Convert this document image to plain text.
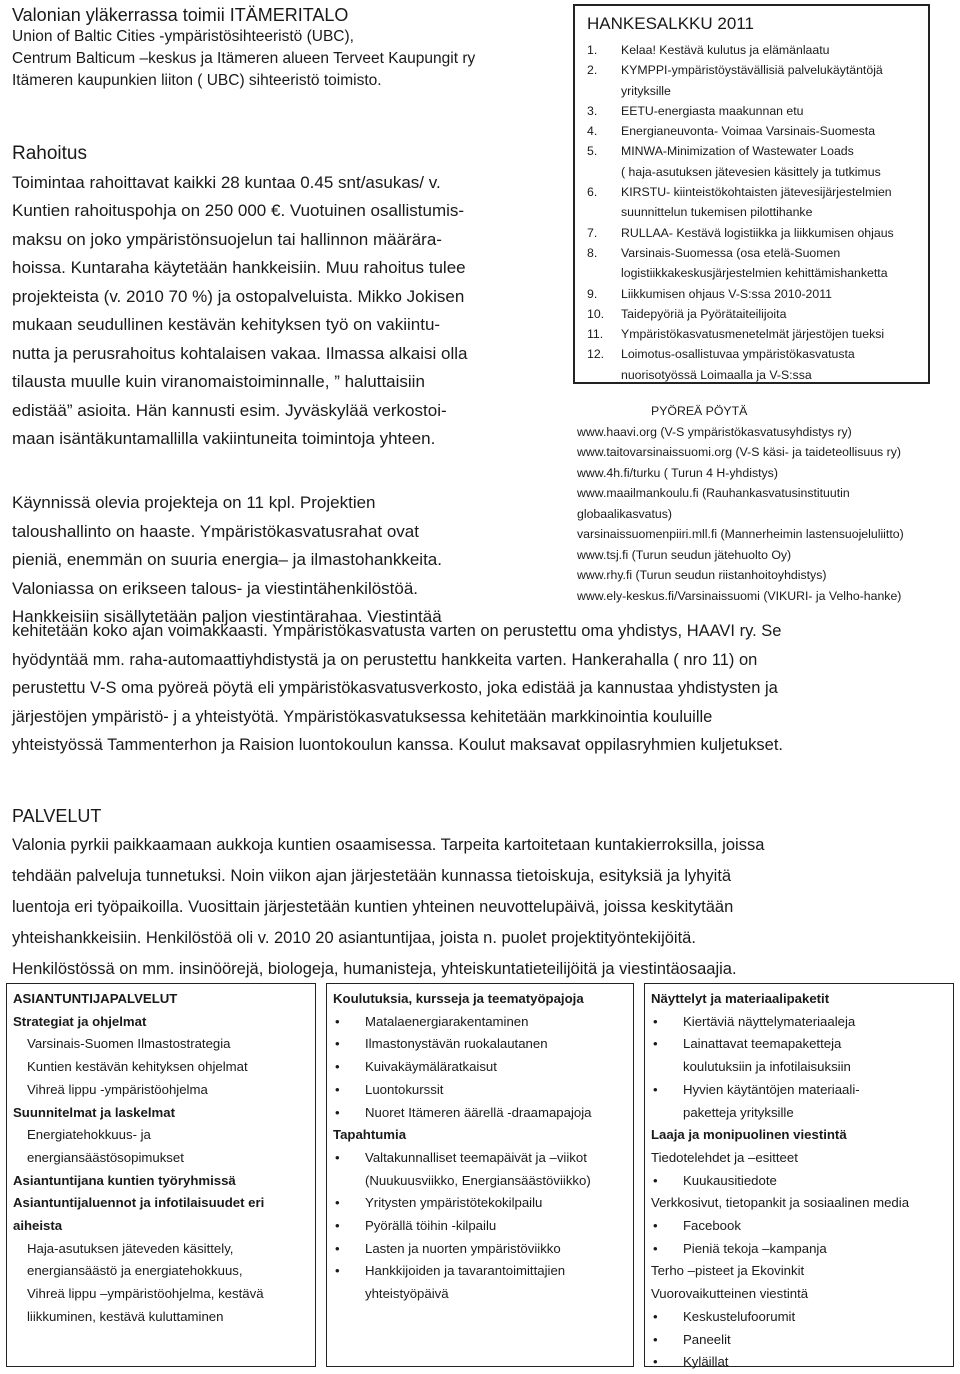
Valonian yläkerrassa toimii ITÄMERITALO
Union of Baltic Cities -ympäristösihteeristö (UBC),
Centrum Balticum –keskus ja Itämeren alueen Terveet Kaupungit ry
Itämeren kaupunkien liiton ( UBC) sihteeristö toimisto.
Rahoitus
Toimintaa rahoittavat kaikki 28 kuntaa 0.45 snt/asukas/ v.
Kuntien rahoituspohja on 250 000 €. Vuotuinen osallistumis-
maksu on joko ympäristönsuojelun tai hallinnon määrära-
hoissa. Kuntaraha käytetään hankkeisiin. Muu rahoitus tulee
projekteista (v. 2010 70 %) ja ostopalveluista. Mikko Jokisen
mukaan seudullinen kestävän kehityksen työ on vakiintu-
nutta ja perusrahoitus kohtalaisen vakaa. Ilmassa alkaisi olla
tilausta muulle kuin viranomaistoiminnalle, ” haluttaisiin
edistää” asioita. Hän kannusti esim. Jyväskylää verkostoi-
maan isäntäkuntamallilla vakiintuneita toimintoja yhteen.
Käynnissä olevia projekteja on 11 kpl. Projektien
taloushallinto on haaste. Ympäristökasvatusrahat ovat
pieniä, enemmän on suuria energia– ja ilmastohankkeita.
Valoniassa on erikseen talous- ja viestintähenkilöstöä.
Hankkeisiin sisällytetään paljon viestintärahaa. Viestintää
kehitetään koko ajan voimakkaasti. Ympäristökasvatusta varten on perustettu oma yhdistys, HAAVI ry. Se
hyödyntää mm. raha-automaattiyhdistystä ja on perustettu hankkeita varten. Hankerahalla ( nro 11) on
perustettu V-S oma pyöreä pöytä eli ympäristökasvatusverkosto, joka edistää ja kannustaa yhdistysten ja
järjestöjen ympäristö- j a yhteistyötä. Ympäristökasvatuksessa kehitetään markkinointia kouluille
yhteistyössä Tammenterhon ja Raision luontokoulun kanssa. Koulut maksavat oppilasryhmien kuljetukset.
HANKESALKKU 2011
1. Kelaa! Kestävä kulutus ja elämänlaatu
2. KYMPPI-ympäristöystävällisiä palvelukäytäntöjä
yrityksille
3. EETU-energiasta maakunnan etu
4. Energianeuvonta- Voimaa Varsinais-Suomesta
5. MINWA-Minimization of Wastewater Loads
( haja-asutuksen jätevesien käsittely ja tutkimus
6. KIRSTU- kiinteistökohtaisten jätevesijärjestelmien
suunnittelun tukemisen pilottihanke
7. RULLAA- Kestävä logistiikka ja liikkumisen ohjaus
8. Varsinais-Suomessa (osa etelä-Suomen
logistiikkakeskusjärjestelmien kehittämishanketta
9. Liikkumisen ohjaus V-S:ssa 2010-2011
10. Taidepyöriä ja Pyörätaiteilijoita
11. Ympäristökasvatusmenetelmät järjestöjen tueksi
12. Loimotus-osallistuvaa ympäristökasvatusta
nuorisotyössä Loimaalla ja V-S:ssa
PYÖREÄ PÖYTÄ
www.haavi.org (V-S ympäristökasvatusyhdistys ry)
www.taitovarsinaissuomi.org (V-S käsi- ja taideteollisuus ry)
www.4h.fi/turku ( Turun 4 H-yhdistys)
www.maailmankoulu.fi (Rauhankasvatusinstituutin
globaalikasvatus)
varsinaissuomenpiiri.mll.fi (Mannerheimin lastensuojeluliitto)
www.tsj.fi (Turun seudun jätehuolto Oy)
www.rhy.fi (Turun seudun riistanhoitoyhdistys)
www.ely-keskus.fi/Varsinaissuomi (VIKURI- ja Velho-hanke)
PALVELUT
Valonia pyrkii paikkaamaan aukkoja kuntien osaamisessa. Tarpeita kartoitetaan kuntakierroksilla, joissa
tehdään palveluja tunnetuksi. Noin viikon ajan järjestetään kunnassa tietoiskuja, esityksiä ja lyhyitä
luentoja eri työpaikoilla. Vuosittain järjestetään kuntien yhteinen neuvottelupäivä, joissa keskitytään
yhteishankkeisiin. Henkilöstöä oli v. 2010 20 asiantuntijaa, joista n. puolet projektityöntekijöitä.
Henkilöstössä on mm. insinöörejä, biologeja, humanisteja, yhteiskuntatieteilijöitä ja viestintäosaajia.
ASIANTUNTIJAPALVELUT
Strategiat ja ohjelmat
Varsinais-Suomen Ilmastostrategia
Kuntien kestävän kehityksen ohjelmat
Vihreä lippu -ympäristöohjelma
Suunnitelmat ja laskelmat
Energiatehokkuus- ja
energiansäästösopimukset
Asiantuntijana kuntien työryhmissä
Asiantuntijaluennot ja infotilaisuudet eri
aiheista
Haja-asutuksen jäteveden käsittely,
energiansäästö ja energiatehokkuus,
Vihreä lippu –ympäristöohjelma, kestävä
liikkuminen, kestävä kuluttaminen
Koulutuksia, kursseja ja teematyöpajoja
• Matalaenergiarakentaminen
• Ilmastonystävän ruokalautanen
• Kuivakäymäläratkaisut
• Luontokurssit
• Nuoret Itämeren äärellä -draamapajoja
Tapahtumia
• Valtakunnalliset teemapäivät ja –viikot
(Nuukuusviikko, Energiansäästöviikko)
• Yritysten ympäristötekokilpailu
• Pyörällä töihin -kilpailu
• Lasten ja nuorten ympäristöviikko
• Hankkijoiden ja tavarantoimittajien
yhteistyöpäivä
Näyttelyt ja materiaalipaketit
• Kiertäviä näyttelymateriaaleja
• Lainattavat teemapaketteja
koulutuksiin ja infotilaisuksiin
• Hyvien käytäntöjen materiaali-
paketteja yrityksille
Laaja ja monipuolinen viestintä
Tiedotelehdet ja –esitteet
• Kuukausitiedote
Verkkosivut, tietopankit ja sosiaalinen media
• Facebook
• Pieniä tekoja –kampanja
Terho –pisteet ja Ekovinkit
Vuorovaikutteinen viestintä
• Keskustelufoorumit
• Paneelit
• Kyläillat
